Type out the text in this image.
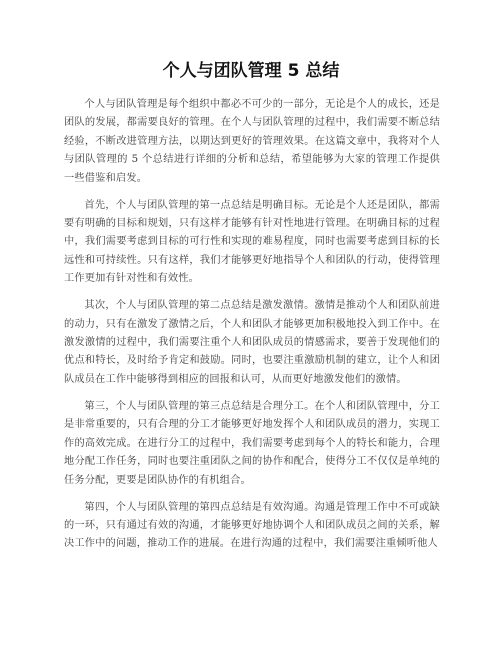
个人与团队管理 5 总结

个人与团队管理是每个组织中都必不可少的一部分，无论是个人的成长，还是团队的发展，都需要良好的管理。在个人与团队管理的过程中，我们需要不断总结经验，不断改进管理方法，以期达到更好的管理效果。在这篇文章中，我将对个人与团队管理的 5 个总结进行详细的分析和总结，希望能够为大家的管理工作提供一些借鉴和启发。

首先，个人与团队管理的第一点总结是明确目标。无论是个人还是团队，都需要有明确的目标和规划，只有这样才能够有针对性地进行管理。在明确目标的过程中，我们需要考虑到目标的可行性和实现的难易程度，同时也需要考虑到目标的长远性和可持续性。只有这样，我们才能够更好地指导个人和团队的行动，使得管理工作更加有针对性和有效性。

其次，个人与团队管理的第二点总结是激发激情。激情是推动个人和团队前进的动力，只有在激发了激情之后，个人和团队才能够更加积极地投入到工作中。在激发激情的过程中，我们需要注重个人和团队成员的情感需求，要善于发现他们的优点和特长，及时给予肯定和鼓励。同时，也要注重激励机制的建立，让个人和团队成员在工作中能够得到相应的回报和认可，从而更好地激发他们的激情。

第三，个人与团队管理的第三点总结是合理分工。在个人和团队管理中，分工是非常重要的，只有合理的分工才能够更好地发挥个人和团队成员的潜力，实现工作的高效完成。在进行分工的过程中，我们需要考虑到每个人的特长和能力，合理地分配工作任务，同时也要注重团队之间的协作和配合，使得分工不仅仅是单纯的任务分配，更要是团队协作的有机组合。

第四，个人与团队管理的第四点总结是有效沟通。沟通是管理工作中不可或缺的一环，只有通过有效的沟通，才能够更好地协调个人和团队成员之间的关系，解决工作中的问题，推动工作的进展。在进行沟通的过程中，我们需要注重倾听他人
